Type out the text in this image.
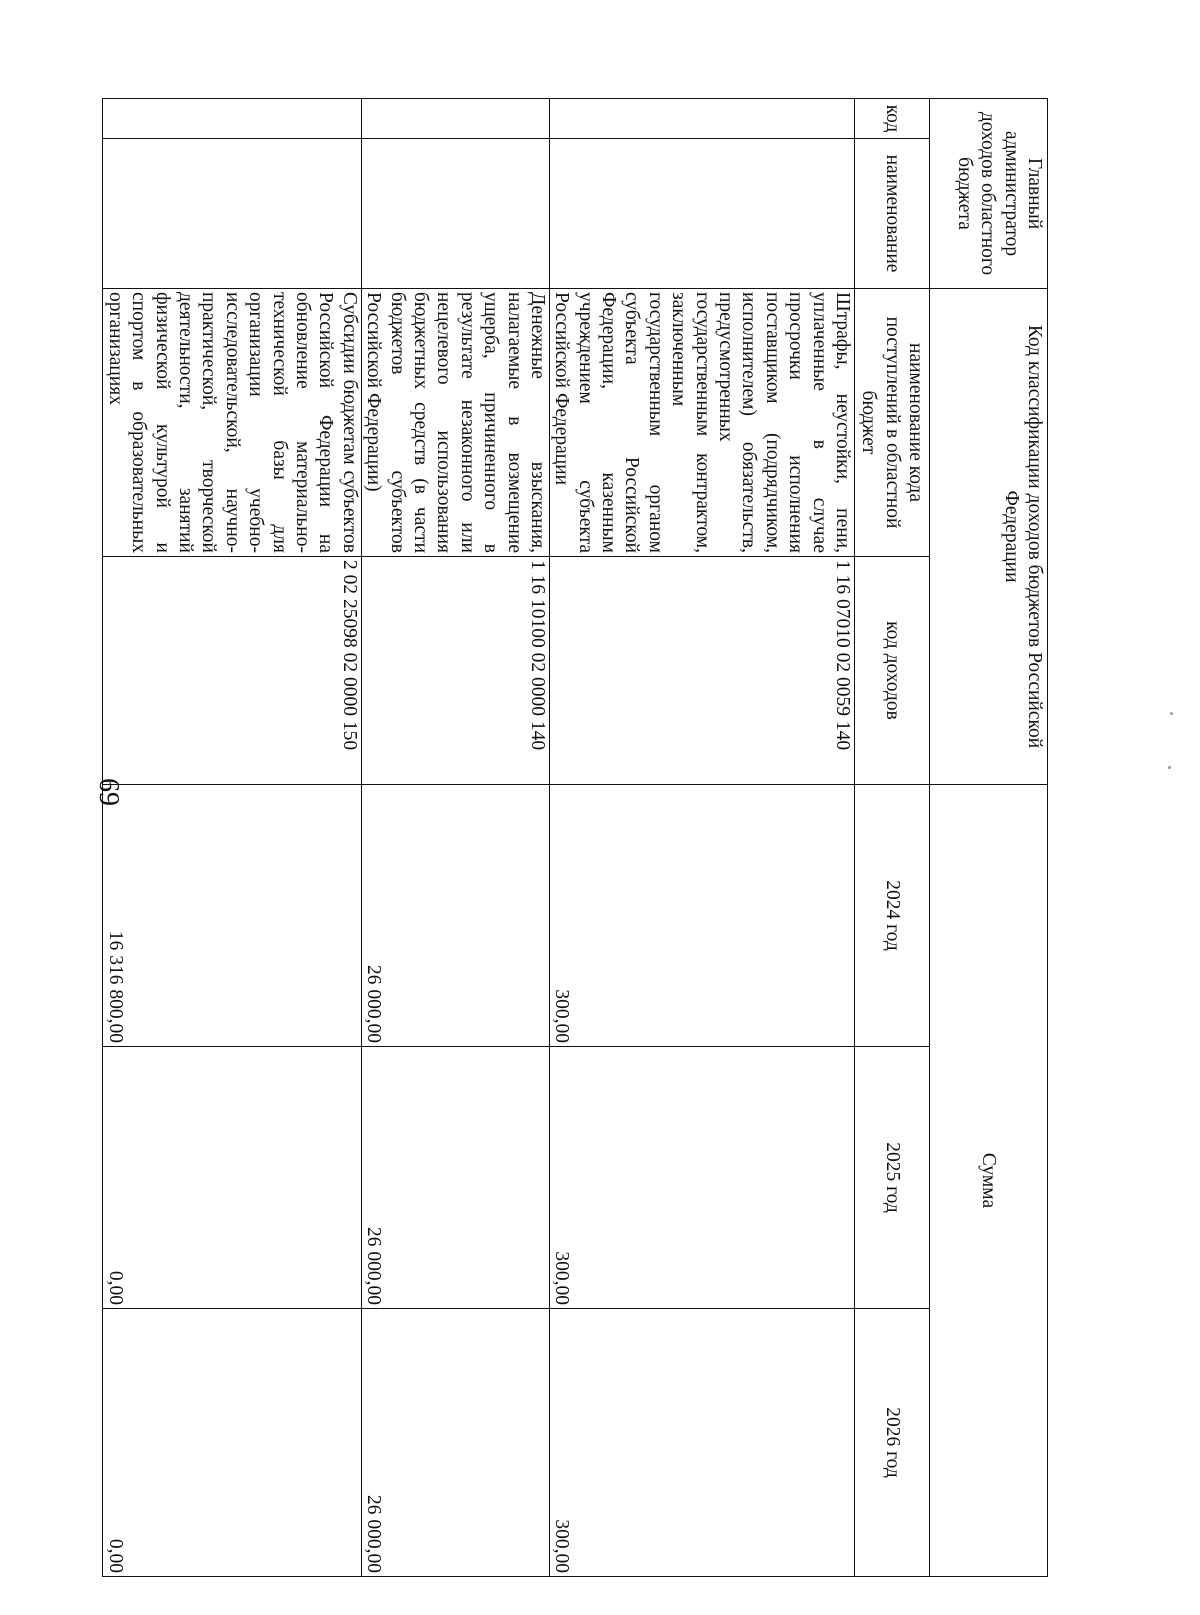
69
Главный администратор доходов областного бюджета		Код классификации доходов бюджетов Российской Федерации		Сумма		
код	наименование	наименование кода поступлений в областной бюджет	код доходов	2024 год	2025 год	2026 год
		Штрафы, неустойки, пени, уплаченные в случае просрочки исполнения поставщиком (подрядчиком, исполнителем) обязательств, предусмотренных государственным контрактом, заключенным государственным органом субъекта Российской Федерации, казенным учреждением субъекта Российской Федерации	1 16 07010 02 0059 140	300,00	300,00	300,00
		Денежные взыскания, налагаемые в возмещение ущерба, причиненного в результате незаконного или нецелевого использования бюджетных средств (в части бюджетов субъектов Российской Федерации)	1 16 10100 02 0000 140	26 000,00	26 000,00	26 000,00
		Субсидии бюджетам субъектов Российской Федерации на обновление материально-технической базы для организации учебно-исследовательской, научно-практической, творческой деятельности, занятий физической культурой и спортом в образовательных организациях	2 02 25098 02 0000 150	16 316 800,00	0,00	0,00
